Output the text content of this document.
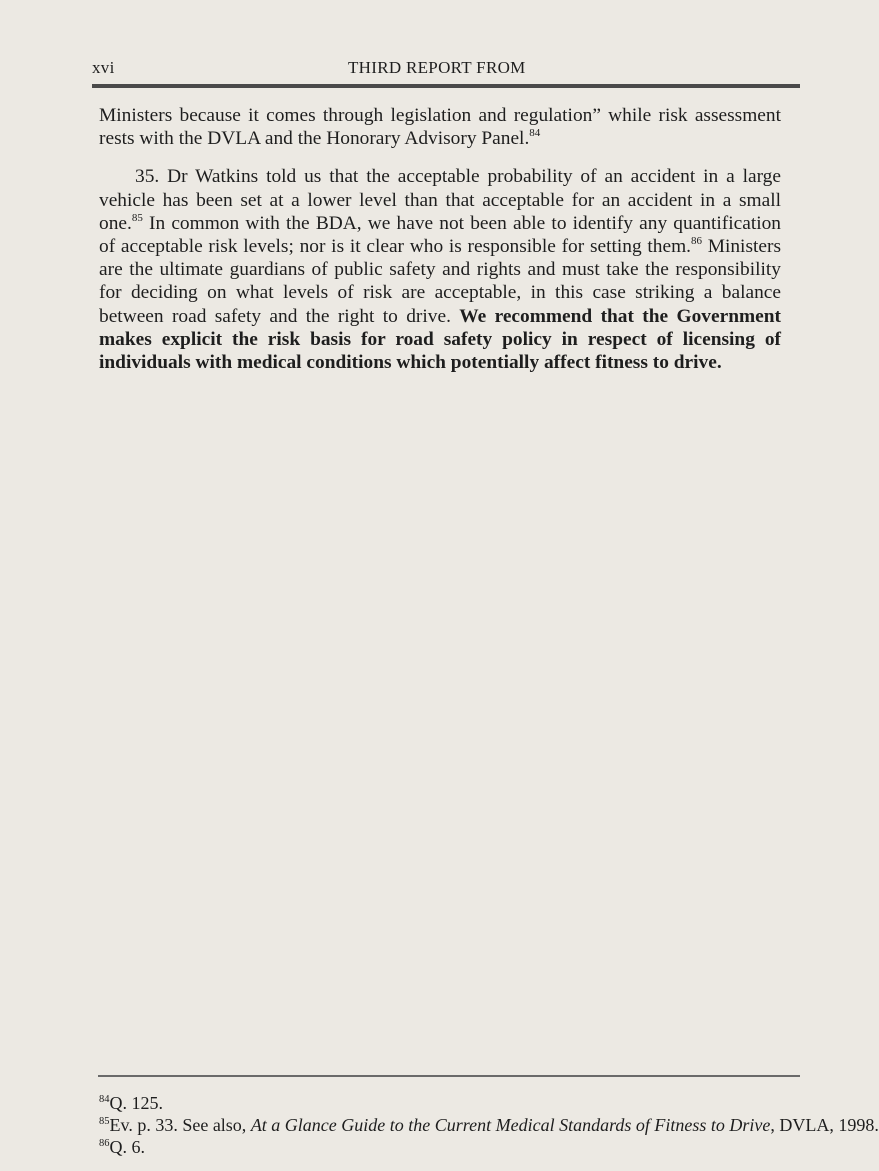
xvi	THIRD REPORT FROM

Ministers because it comes through legislation and regulation” while risk assessment rests with the DVLA and the Honorary Advisory Panel.$^{84}$

35. Dr Watkins told us that the acceptable probability of an accident in a large vehicle has been set at a lower level than that acceptable for an accident in a small one.$^{85}$ In common with the BDA, we have not been able to identify any quantification of acceptable risk levels; nor is it clear who is responsible for setting them.$^{86}$ Ministers are the ultimate guardians of public safety and rights and must take the responsibility for deciding on what levels of risk are acceptable, in this case striking a balance between road safety and the right to drive. We recommend that the Government makes explicit the risk basis for road safety policy in respect of licensing of individuals with medical conditions which potentially affect fitness to drive.

$^{84}$Q. 125.
$^{85}$Ev. p. 33. See also, At a Glance Guide to the Current Medical Standards of Fitness to Drive, DVLA, 1998.
$^{86}$Q. 6.
